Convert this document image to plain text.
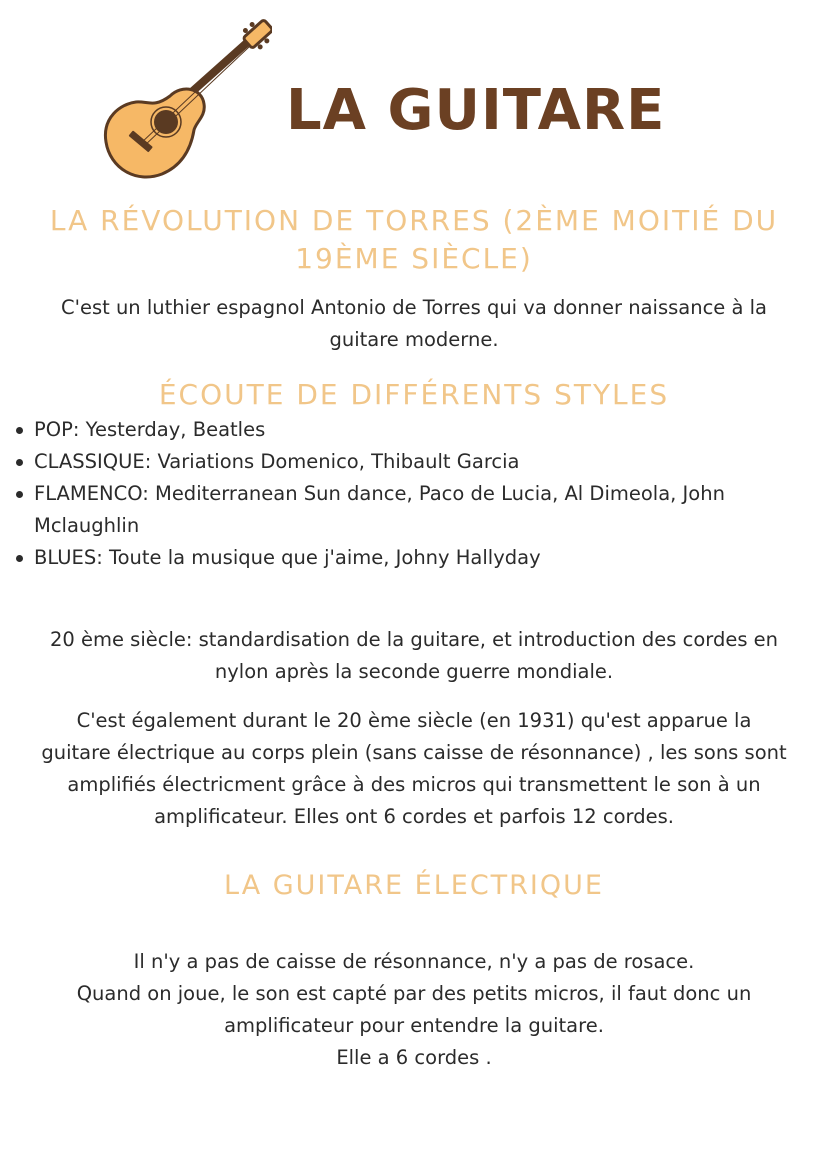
LA GUITARE
LA RÉVOLUTION DE TORRES (2ÈME MOITIÉ DU 19ÈME SIÈCLE)

C'est un luthier espagnol Antonio de Torres qui va donner naissance à la guitare moderne.

ÉCOUTE DE DIFFÉRENTS STYLES
POP: Yesterday, Beatles
CLASSIQUE: Variations Domenico, Thibault Garcia
FLAMENCO: Mediterranean Sun dance, Paco de Lucia, Al Dimeola, John Mclaughlin
BLUES: Toute la musique que j'aime, Johny Hallyday

20 ème siècle: standardisation de la guitare, et introduction des cordes en nylon après la seconde guerre mondiale.

C'est également durant le 20 ème siècle (en 1931) qu'est apparue la guitare électrique au corps plein (sans caisse de résonnance) , les sons sont amplifiés électricment grâce à des micros qui transmettent le son à un amplificateur. Elles ont 6 cordes et parfois 12 cordes.

LA GUITARE ÉLECTRIQUE

Il n'y a pas de caisse de résonnance, n'y a pas de rosace.
Quand on joue, le son est capté par des petits micros, il faut donc un amplificateur pour entendre la guitare.
Elle a 6 cordes .
